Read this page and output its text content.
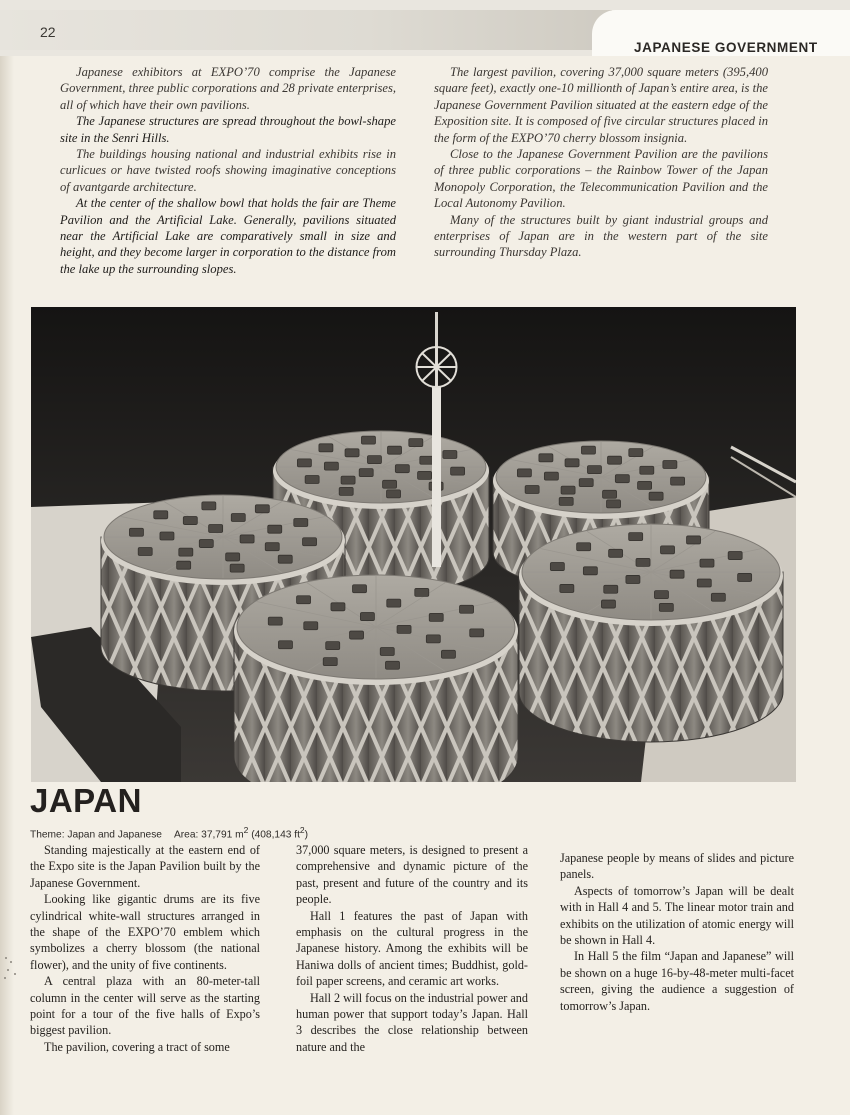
22
JAPANESE GOVERNMENT

Japanese exhibitors at EXPO’70 comprise the Japanese Government, three public corporations and 28 private enterprises, all of which have their own pavilions.

The Japanese structures are spread throughout the bowl-shape site in the Senri Hills.

The buildings housing national and industrial exhibits rise in curlicues or have twisted roofs showing imaginative conceptions of avantgarde architecture.

At the center of the shallow bowl that holds the fair are Theme Pavilion and the Artificial Lake. Generally, pavilions situated near the Artificial Lake are comparatively small in size and height, and they become larger in corporation to the distance from the lake up the surrounding slopes.

The largest pavilion, covering 37,000 square meters (395,400 square feet), exactly one-10 millionth of Japan’s entire area, is the Japanese Government Pavilion situated at the eastern edge of the Exposition site. It is composed of five circular structures placed in the form of the EXPO’70 cherry blossom insignia.

Close to the Japanese Government Pavilion are the pavilions of three public corporations – the Rainbow Tower of the Japan Monopoly Corporation, the Telecommunication Pavilion and the Local Autonomy Pavilion.

Many of the structures built by giant industrial groups and enterprises of Japan are in the western part of the site surrounding Thursday Plaza.

JAPAN
Theme: Japan and Japanese Area: 37,791 $m^2$ (408,143 $ft^2$)

Standing majestically at the eastern end of the Expo site is the Japan Pavilion built by the Japanese Government.

Looking like gigantic drums are its five cylindrical white-wall structures arranged in the shape of the EXPO’70 emblem which symbolizes a cherry blossom (the national flower), and the unity of five continents.

A central plaza with an 80-meter-tall column in the center will serve as the starting point for a tour of the five halls of Expo’s biggest pavilion.

The pavilion, covering a tract of some

37,000 square meters, is designed to present a comprehensive and dynamic picture of the past, present and future of the country and its people.

Hall 1 features the past of Japan with emphasis on the cultural progress in the Japanese history. Among the exhibits will be Haniwa dolls of ancient times; Buddhist, gold-foil paper screens, and ceramic art works.

Hall 2 will focus on the industrial power and human power that support today’s Japan. Hall 3 describes the close relationship between nature and the

Japanese people by means of slides and picture panels.

Aspects of tomorrow’s Japan will be dealt with in Hall 4 and 5. The linear motor train and exhibits on the utilization of atomic energy will be shown in Hall 4.

In Hall 5 the film “Japan and Japanese” will be shown on a huge 16-by-48-meter multi-facet screen, giving the audience a suggestion of tomorrow’s Japan.
